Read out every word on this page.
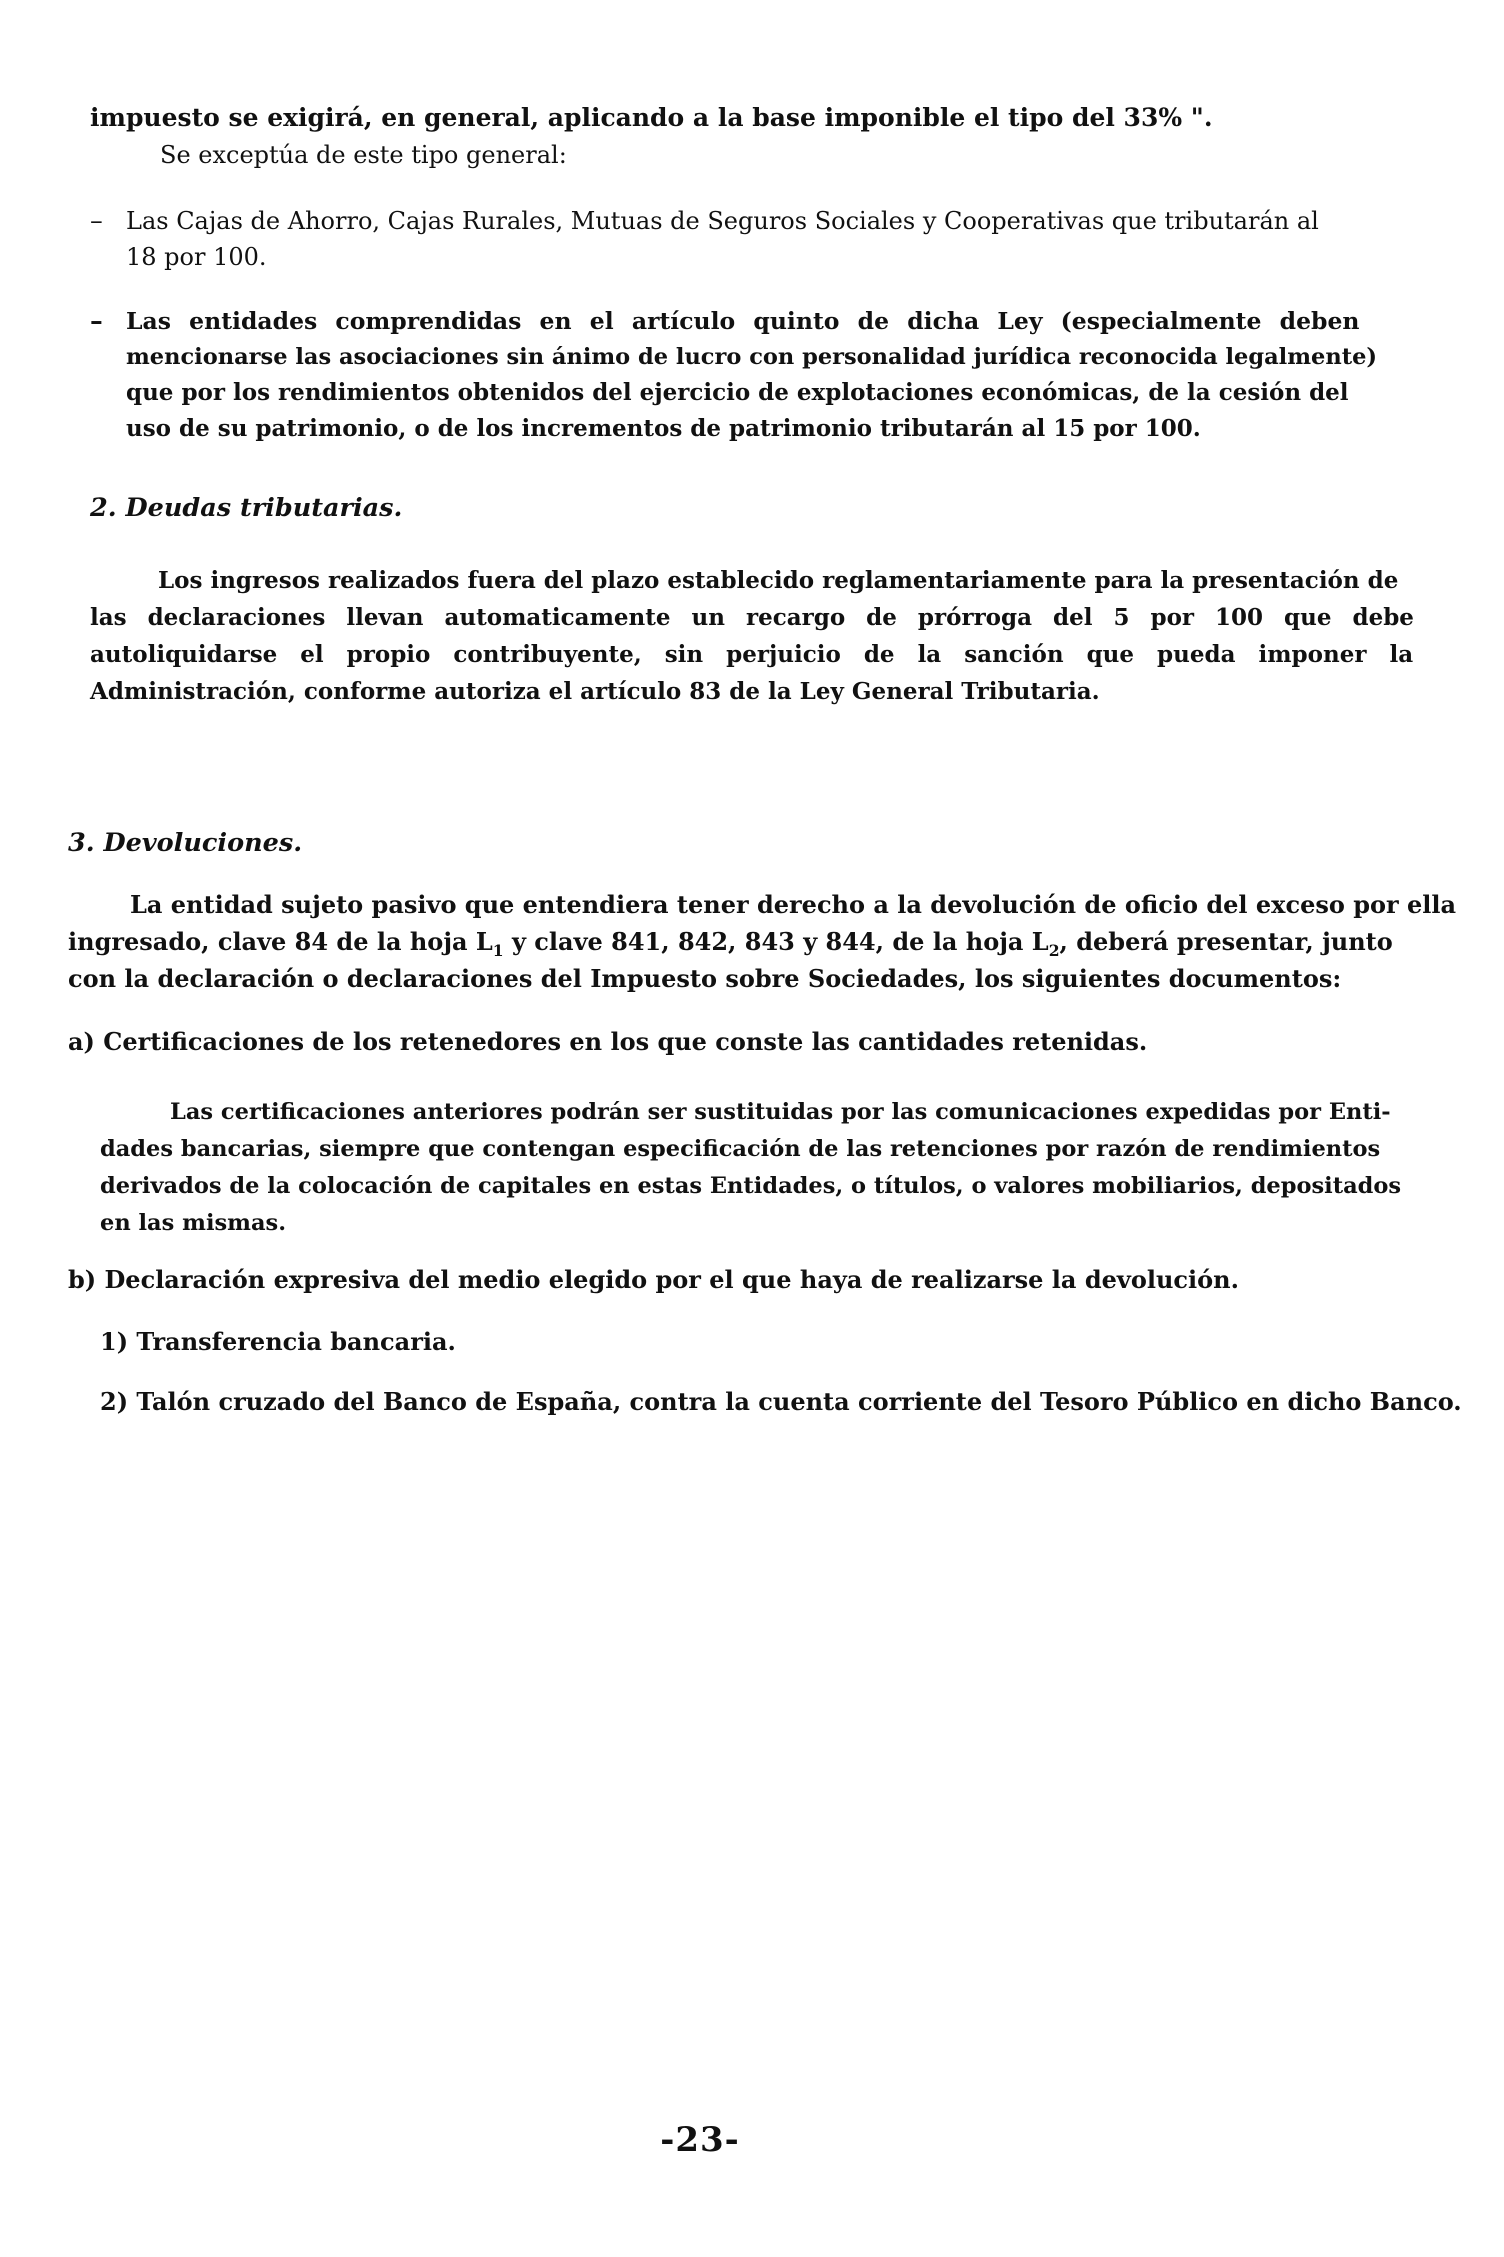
impuesto se exigirá, en general, aplicando a la base imponible el tipo del 33% ".
Se exceptúa de este tipo general:
– Las Cajas de Ahorro, Cajas Rurales, Mutuas de Seguros Sociales y Cooperativas que tributarán al
18 por 100.
– Las entidades comprendidas en el artículo quinto de dicha Ley (especialmente deben
mencionarse las asociaciones sin ánimo de lucro con personalidad jurídica reconocida legalmente)
que por los rendimientos obtenidos del ejercicio de explotaciones económicas, de la cesión del
uso de su patrimonio, o de los incrementos de patrimonio tributarán al 15 por 100.
2. Deudas tributarias.
Los ingresos realizados fuera del plazo establecido reglamentariamente para la presentación de
las declaraciones llevan automaticamente un recargo de prórroga del 5 por 100 que debe
autoliquidarse el propio contribuyente, sin perjuicio de la sanción que pueda imponer la
Administración, conforme autoriza el artículo 83 de la Ley General Tributaria.
3. Devoluciones.
La entidad sujeto pasivo que entendiera tener derecho a la devolución de oficio del exceso por ella
ingresado, clave 84 de la hoja $L_1$ y clave 841, 842, 843 y 844, de la hoja $L_2$, deberá presentar, junto
con la declaración o declaraciones del Impuesto sobre Sociedades, los siguientes documentos:
a) Certificaciones de los retenedores en los que conste las cantidades retenidas.
Las certificaciones anteriores podrán ser sustituidas por las comunicaciones expedidas por Enti-
dades bancarias, siempre que contengan especificación de las retenciones por razón de rendimientos
derivados de la colocación de capitales en estas Entidades, o títulos, o valores mobiliarios, depositados
en las mismas.
b) Declaración expresiva del medio elegido por el que haya de realizarse la devolución.
1) Transferencia bancaria.
2) Talón cruzado del Banco de España, contra la cuenta corriente del Tesoro Público en dicho Banco.
-23-
